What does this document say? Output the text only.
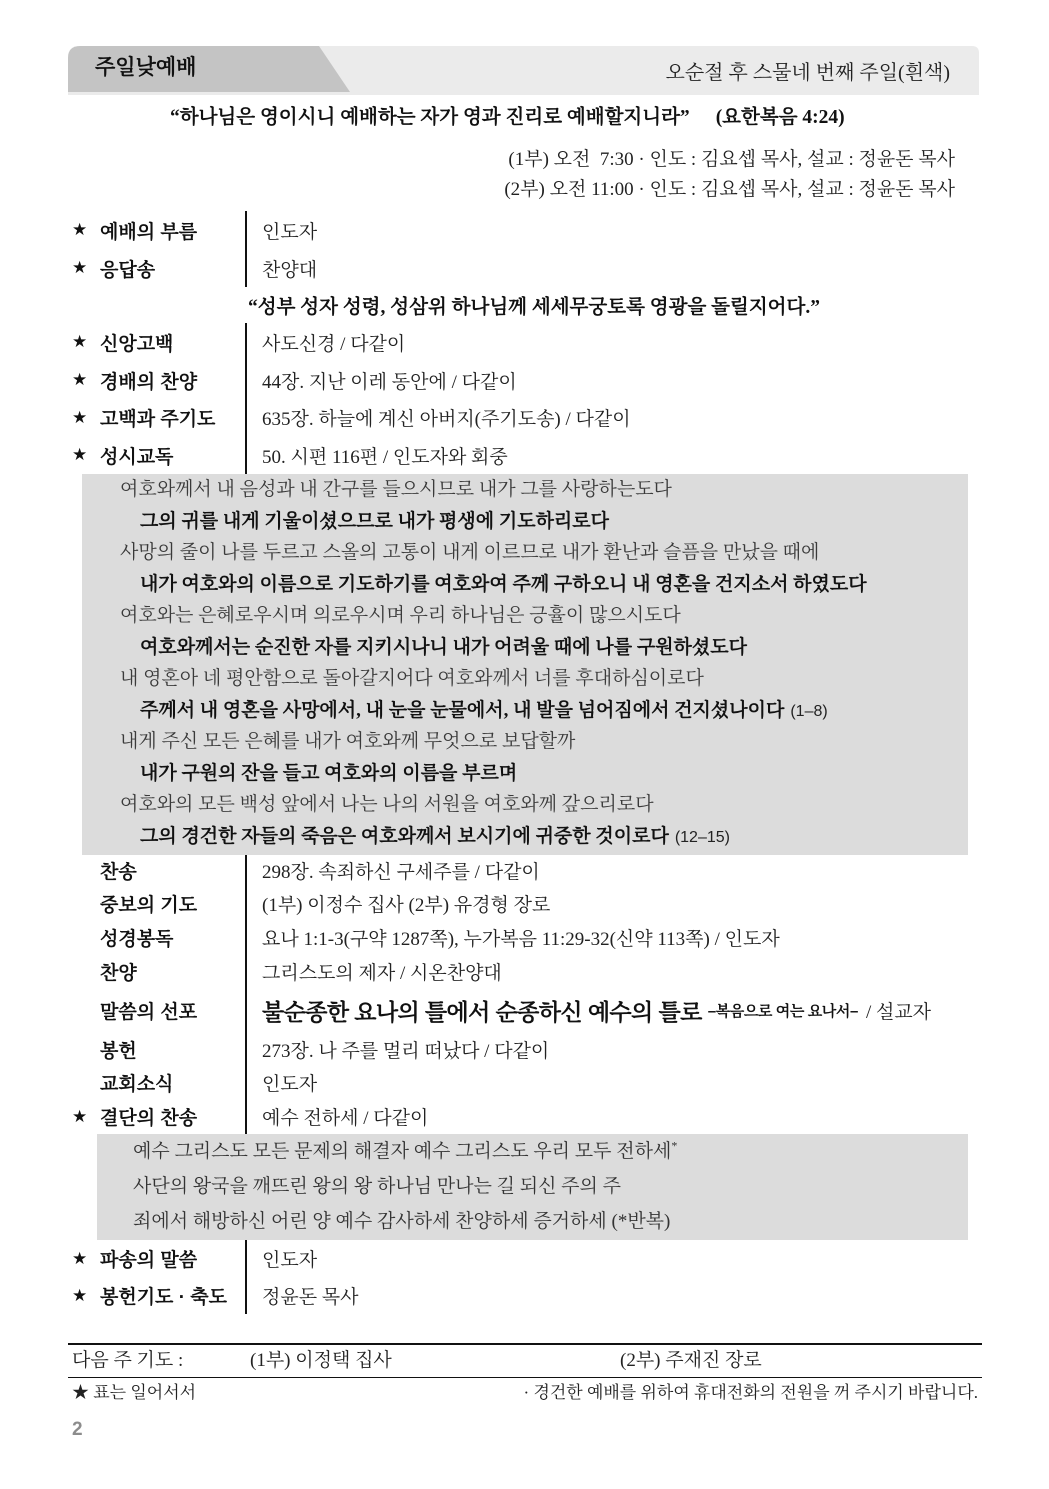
주일낮예배	오순절 후 스물네 번째 주일(흰색)
“하나님은 영이시니 예배하는 자가 영과 진리로 예배할지니라” (요한복음 4:24)
(1부) 오전  7:30 · 인도 : 김요셉 목사, 설교 : 정윤돈 목사
(2부) 오전 11:00 · 인도 : 김요셉 목사, 설교 : 정윤돈 목사
★ 예배의 부름	인도자
★ 응답송	찬양대
“성부 성자 성령, 성삼위 하나님께 세세무궁토록 영광을 돌릴지어다.”
★ 신앙고백	사도신경 / 다같이
★ 경배의 찬양	44장. 지난 이레 동안에 / 다같이
★ 고백과 주기도	635장. 하늘에 계신 아버지(주기도송) / 다같이
★ 성시교독	50. 시편 116편 / 인도자와 회중
여호와께서 내 음성과 내 간구를 들으시므로 내가 그를 사랑하는도다
그의 귀를 내게 기울이셨으므로 내가 평생에 기도하리로다
사망의 줄이 나를 두르고 스올의 고통이 내게 이르므로 내가 환난과 슬픔을 만났을 때에
내가 여호와의 이름으로 기도하기를 여호와여 주께 구하오니 내 영혼을 건지소서 하였도다
여호와는 은혜로우시며 의로우시며 우리 하나님은 긍휼이 많으시도다
여호와께서는 순진한 자를 지키시나니 내가 어려울 때에 나를 구원하셨도다
내 영혼아 네 평안함으로 돌아갈지어다 여호와께서 너를 후대하심이로다
주께서 내 영혼을 사망에서, 내 눈을 눈물에서, 내 발을 넘어짐에서 건지셨나이다 (1–8)
내게 주신 모든 은혜를 내가 여호와께 무엇으로 보답할까
내가 구원의 잔을 들고 여호와의 이름을 부르며
여호와의 모든 백성 앞에서 나는 나의 서원을 여호와께 갚으리로다
그의 경건한 자들의 죽음은 여호와께서 보시기에 귀중한 것이로다 (12–15)
찬송	298장. 속죄하신 구세주를 / 다같이
중보의 기도	(1부) 이정수 집사 (2부) 유경형 장로
성경봉독	요나 1:1-3(구약 1287쪽), 누가복음 11:29-32(신약 113쪽) / 인도자
찬양	그리스도의 제자 / 시온찬양대
말씀의 선포	불순종한 요나의 틀에서 순종하신 예수의 틀로 –복음으로 여는 요나서– / 설교자
봉헌	273장. 나 주를 멀리 떠났다 / 다같이
교회소식	인도자
★ 결단의 찬송	예수 전하세 / 다같이
예수 그리스도 모든 문제의 해결자 예수 그리스도 우리 모두 전하세*
사단의 왕국을 깨뜨린 왕의 왕 하나님 만나는 길 되신 주의 주
죄에서 해방하신 어린 양 예수 감사하세 찬양하세 증거하세 (*반복)
★ 파송의 말씀	인도자
★ 봉헌기도 · 축도	정윤돈 목사
다음 주 기도 :	(1부) 이정택 집사	(2부) 주재진 장로
★ 표는 일어서서	· 경건한 예배를 위하여 휴대전화의 전원을 꺼 주시기 바랍니다.
2
